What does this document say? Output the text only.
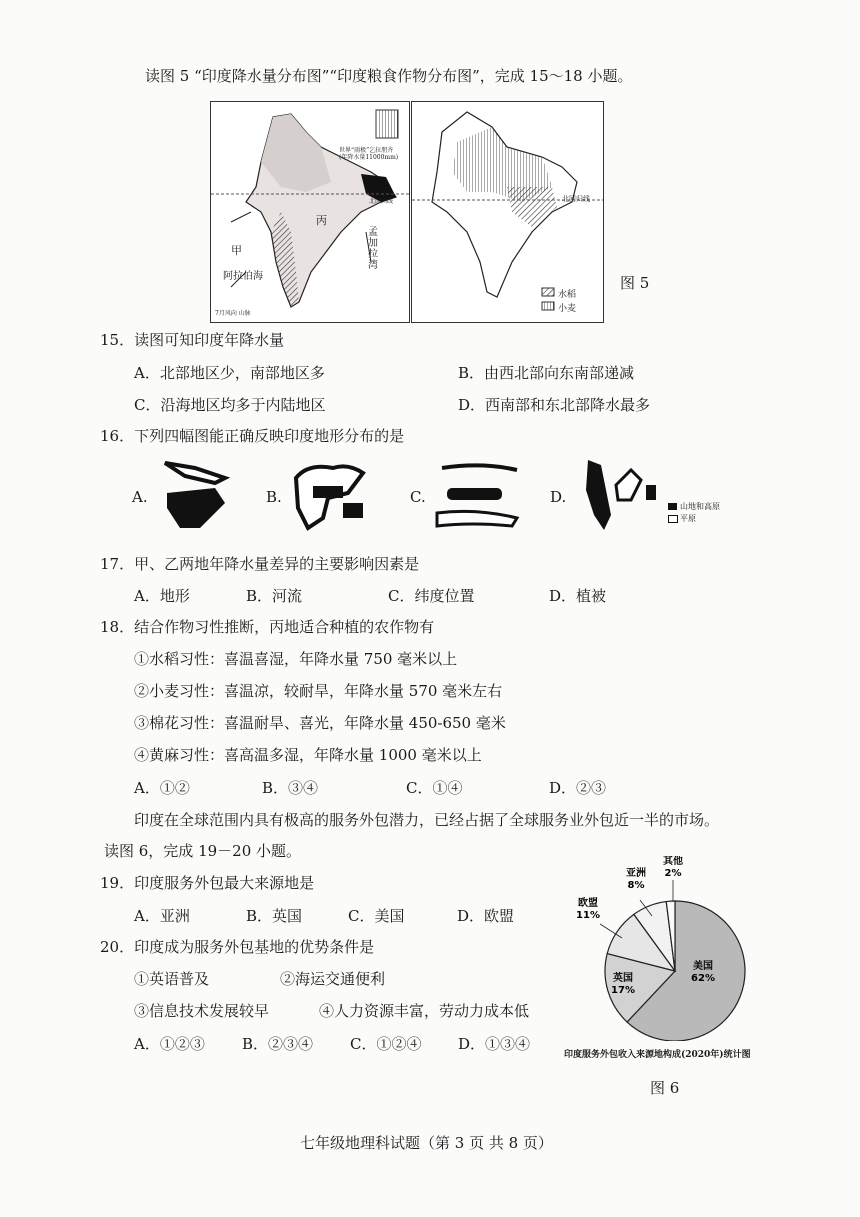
读图 5 “印度降水量分布图”“印度粮食作物分布图”，完成 15～18 小题。
世界“雨极”乞拉朋齐(年降水量11000mm)
北回归线
甲
丙
阿拉伯海
孟加拉湾
7月风向 山脉
北回归线
水稻
小麦
图 5
15．读图可知印度年降水量
A．北部地区少，南部地区多	B．由西北部向东南部递减
C．沿海地区均多于内陆地区	D．西南部和东北部降水最多
16．下列四幅图能正确反映印度地形分布的是
A.	B.	C.	D.
山地和高原
平原
17．甲、乙两地年降水量差异的主要影响因素是
A．地形	B．河流	C．纬度位置	D．植被
18．结合作物习性推断，丙地适合种植的农作物有
①水稻习性：喜温喜湿，年降水量 750 毫米以上
②小麦习性：喜温凉，较耐旱，年降水量 570 毫米左右
③棉花习性：喜温耐旱、喜光，年降水量 450-650 毫米
④黄麻习性：喜高温多湿，年降水量 1000 毫米以上
A．①②	B．③④	C．①④	D．②③
印度在全球范围内具有极高的服务外包潜力，已经占据了全球服务业外包近一半的市场。
读图 6，完成 19－20 小题。
19．印度服务外包最大来源地是
A．亚洲	B．英国	C．美国	D．欧盟
20．印度成为服务外包基地的优势条件是
①英语普及	②海运交通便利
③信息技术发展较早	④人力资源丰富，劳动力成本低
A．①②③ B．②③④ C．①②④ D．①③④
美国
62%
英国
17%
欧盟
11%
亚洲
8%
其他
2%
印度服务外包收入来源地构成(2020年)统计图
图 6
七年级地理科试题（第 3 页 共 8 页）
